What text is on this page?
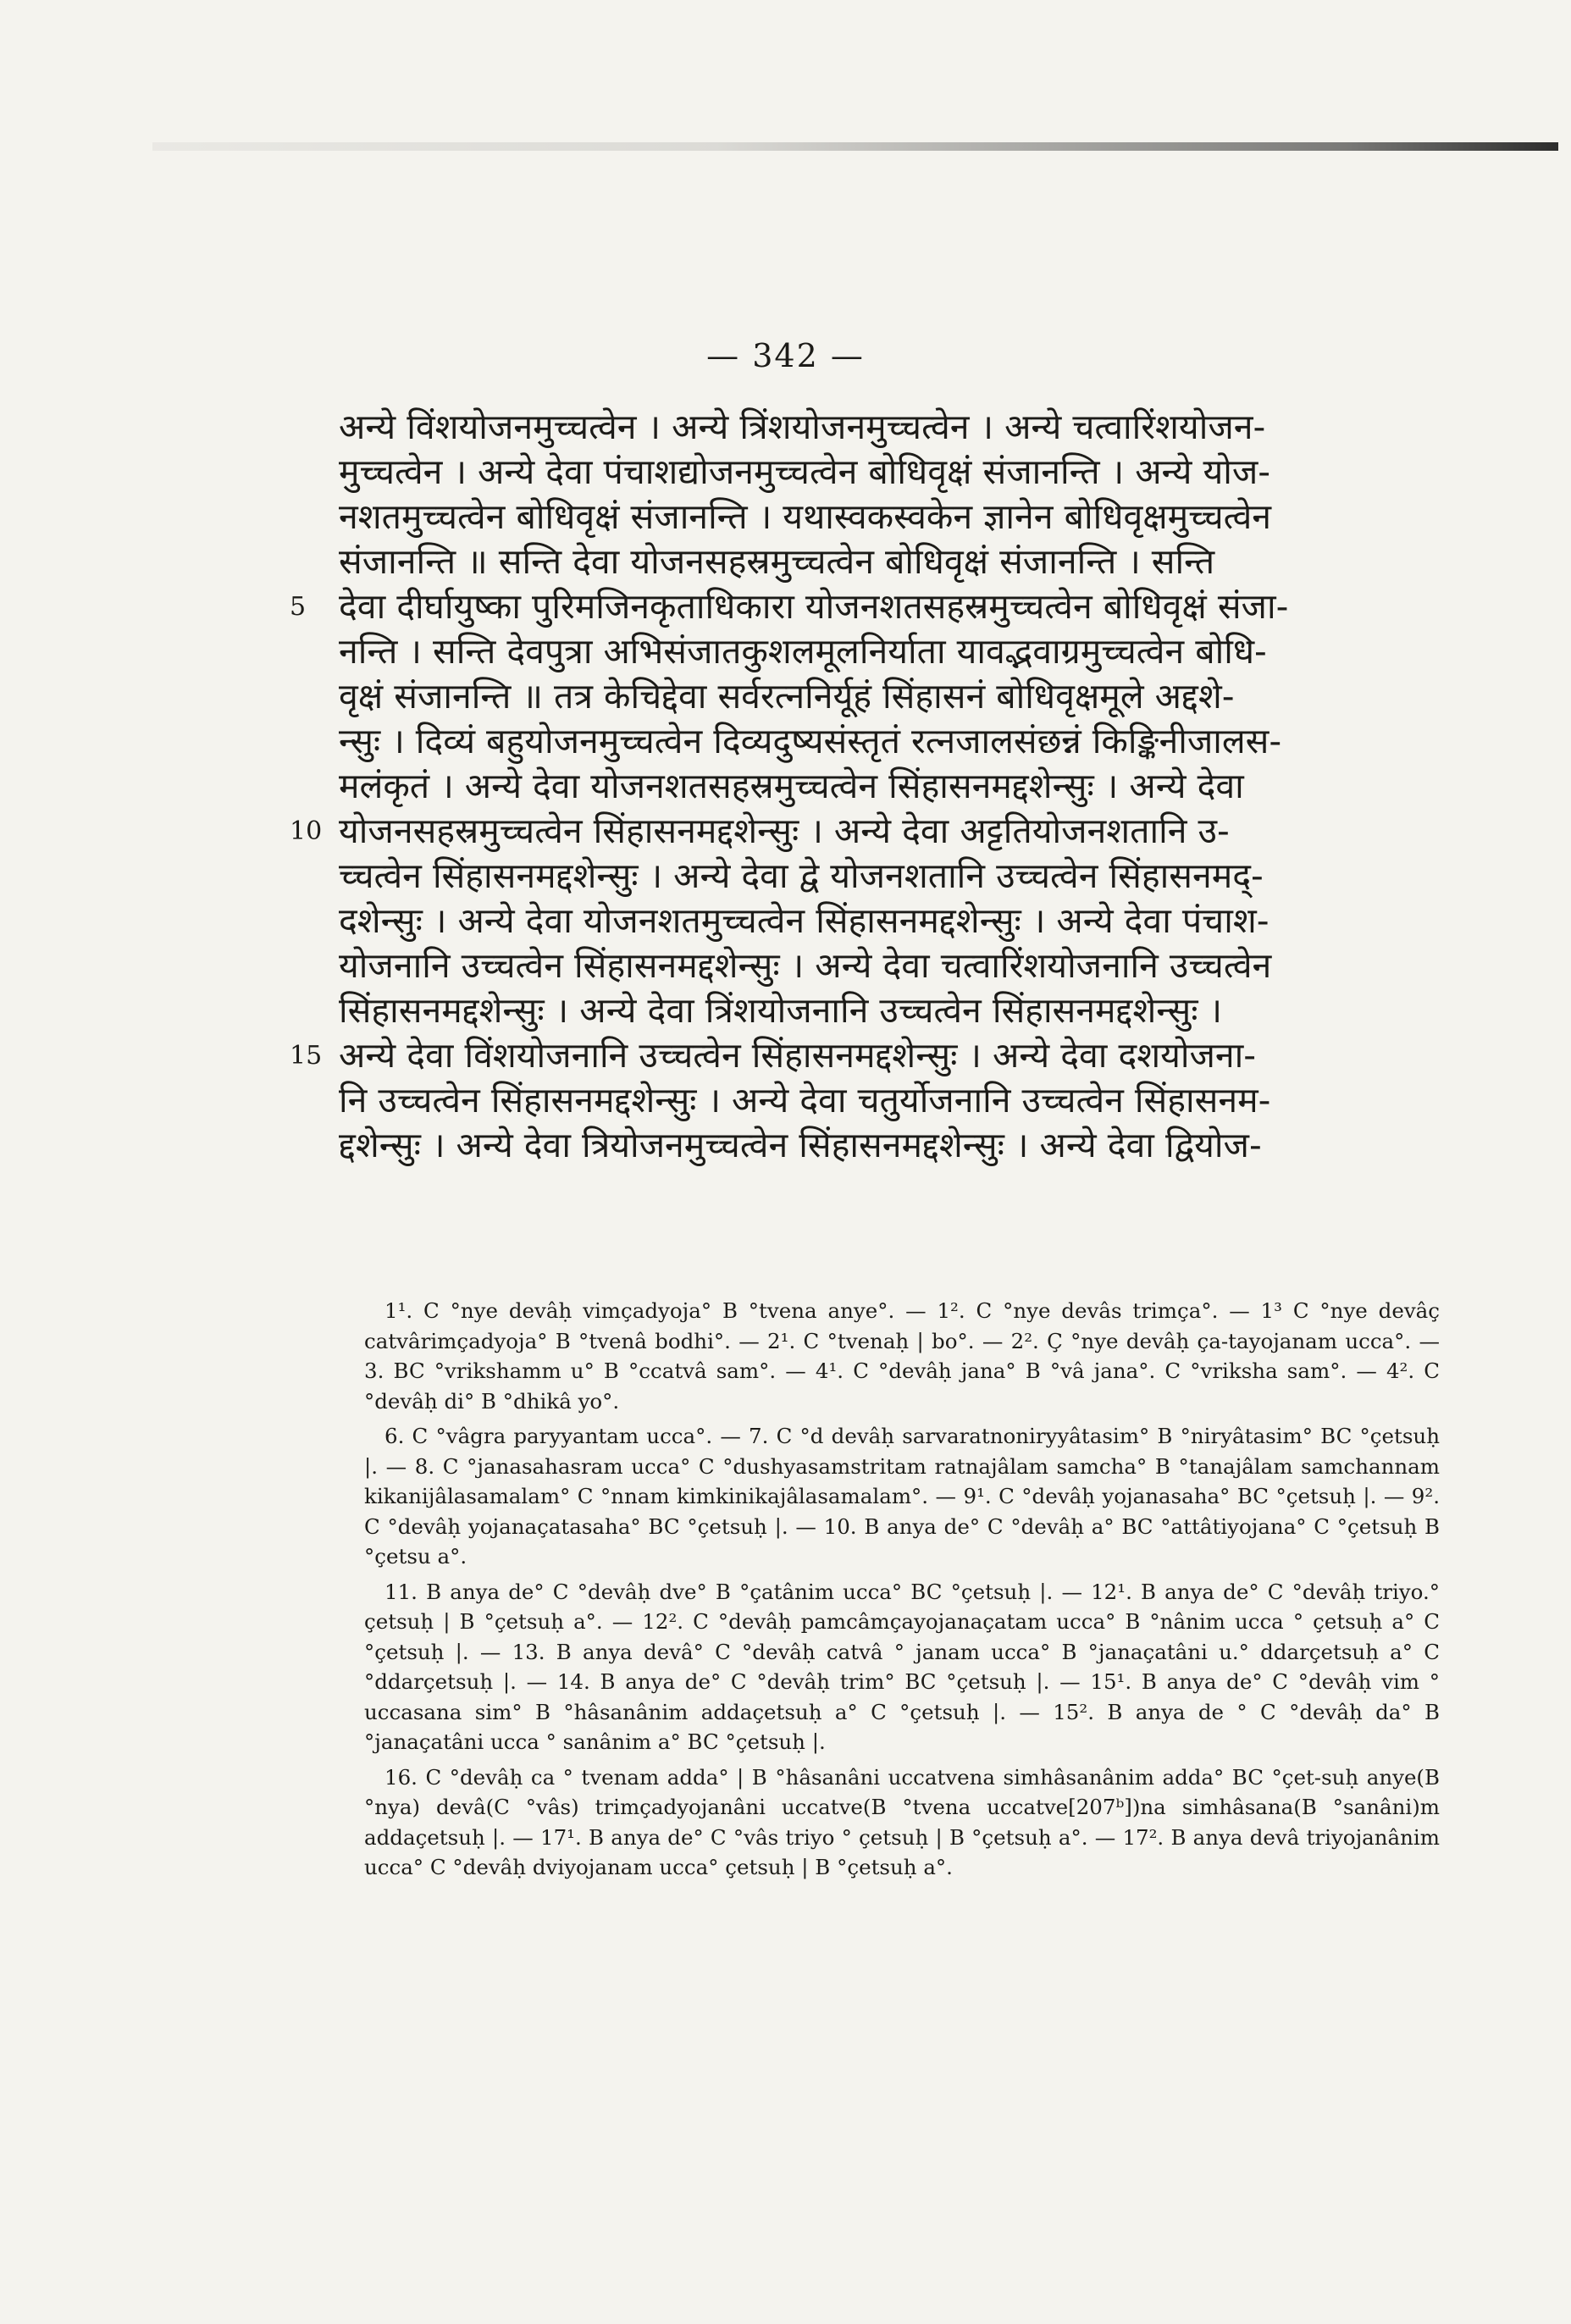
— 342 —
अन्ये विंशयोजनमुच्चत्वेन । अन्ये त्रिंशयोजनमुच्चत्वेन । अन्ये चत्वारिंशयोजन-
मुच्चत्वेन । अन्ये देवा पंचाशद्योजनमुच्चत्वेन बोधिवृक्षं संजानन्ति । अन्ये योज-
नशतमुच्चत्वेन बोधिवृक्षं संजानन्ति । यथास्वकस्वकेन ज्ञानेन बोधिवृक्षमुच्चत्वेन
संजानन्ति ॥ सन्ति देवा योजनसहस्रमुच्चत्वेन बोधिवृक्षं संजानन्ति । सन्ति
5 देवा दीर्घायुष्का पुरिमजिनकृताधिकारा योजनशतसहस्रमुच्चत्वेन बोधिवृक्षं संजा-
नन्ति । सन्ति देवपुत्रा अभिसंजातकुशलमूलनिर्याता यावद्भवाग्रमुच्चत्वेन बोधि-
वृक्षं संजानन्ति ॥ तत्र केचिद्देवा सर्वरत्ननिर्यूहं सिंहासनं बोधिवृक्षमूले अद्दशे-
न्सुः । दिव्यं बहुयोजनमुच्चत्वेन दिव्यदुष्यसंस्तृतं रत्नजालसंछन्नं किङ्किनीजालस-
मलंकृतं । अन्ये देवा योजनशतसहस्रमुच्चत्वेन सिंहासनमद्दशेन्सुः । अन्ये देवा
10 योजनसहस्रमुच्चत्वेन सिंहासनमद्दशेन्सुः । अन्ये देवा अट्टतियोजनशतानि उ-
च्चत्वेन सिंहासनमद्दशेन्सुः । अन्ये देवा द्वे योजनशतानि उच्चत्वेन सिंहासनमद्-
दशेन्सुः । अन्ये देवा योजनशतमुच्चत्वेन सिंहासनमद्दशेन्सुः । अन्ये देवा पंचाश-
योजनानि उच्चत्वेन सिंहासनमद्दशेन्सुः । अन्ये देवा चत्वारिंशयोजनानि उच्चत्वेन
सिंहासनमद्दशेन्सुः । अन्ये देवा त्रिंशयोजनानि उच्चत्वेन सिंहासनमद्दशेन्सुः ।
15 अन्ये देवा विंशयोजनानि उच्चत्वेन सिंहासनमद्दशेन्सुः । अन्ये देवा दशयोजना-
नि उच्चत्वेन सिंहासनमद्दशेन्सुः । अन्ये देवा चतुर्योजनानि उच्चत्वेन सिंहासनम-
द्दशेन्सुः । अन्ये देवा त्रियोजनमुच्चत्वेन सिंहासनमद्दशेन्सुः । अन्ये देवा द्वियोज-

1¹. C °nye devâḥ vimçadyoja° B °tvena anye°. — 1². C °nye devâs trimça°. — 1³ C °nye devâç catvârimçadyoja° B °tvenâ bodhi°. — 2¹. C °tvenaḥ | bo°. — 2². Ç °nye devâḥ ça-tayojanam ucca°. — 3. BC °vrikshamm u° B °ccatvâ sam°. — 4¹. C °devâḥ jana° B °vâ jana°. C °vriksha sam°. — 4². C °devâḥ di° B °dhikâ yo°.

6. C °vâgra paryyantam ucca°. — 7. C °d devâḥ sarvaratnoniryyâtasim° B °niryâtasim° BC °çetsuḥ |. — 8. C °janasahasram ucca° C °dushyasamstritam ratnajâlam samcha° B °tanajâlam samchannam kikanijâlasamalam° C °nnam kimkinikajâlasamalam°. — 9¹. C °devâḥ yojanasaha° BC °çetsuḥ |. — 9². C °devâḥ yojanaçatasaha° BC °çetsuḥ |. — 10. B anya de° C °devâḥ a° BC °attâtiyojana° C °çetsuḥ B °çetsu a°.

11. B anya de° C °devâḥ dve° B °çatânim ucca° BC °çetsuḥ |. — 12¹. B anya de° C °devâḥ triyo.° çetsuḥ | B °çetsuḥ a°. — 12². C °devâḥ pamcâmçayojanaçatam ucca° B °nânim ucca ° çetsuḥ a° C °çetsuḥ |. — 13. B anya devâ° C °devâḥ catvâ ° janam ucca° B °janaçatâni u.° ddarçetsuḥ a° C °ddarçetsuḥ |. — 14. B anya de° C °devâḥ trim° BC °çetsuḥ |. — 15¹. B anya de° C °devâḥ vim ° uccasana sim° B °hâsanânim addaçetsuḥ a° C °çetsuḥ |. — 15². B anya de ° C °devâḥ da° B °janaçatâni ucca ° sanânim a° BC °çetsuḥ |.

16. C °devâḥ ca ° tvenam adda° | B °hâsanâni uccatvena simhâsanânim adda° BC °çet-suḥ anye(B °nya) devâ(C °vâs) trimçadyojanâni uccatve(B °tvena uccatve[207ᵇ])na simhâsana(B °sanâni)m addaçetsuḥ |. — 17¹. B anya de° C °vâs triyo ° çetsuḥ | B °çetsuḥ a°. — 17². B anya devâ triyojanânim ucca° C °devâḥ dviyojanam ucca° çetsuḥ | B °çetsuḥ a°.
